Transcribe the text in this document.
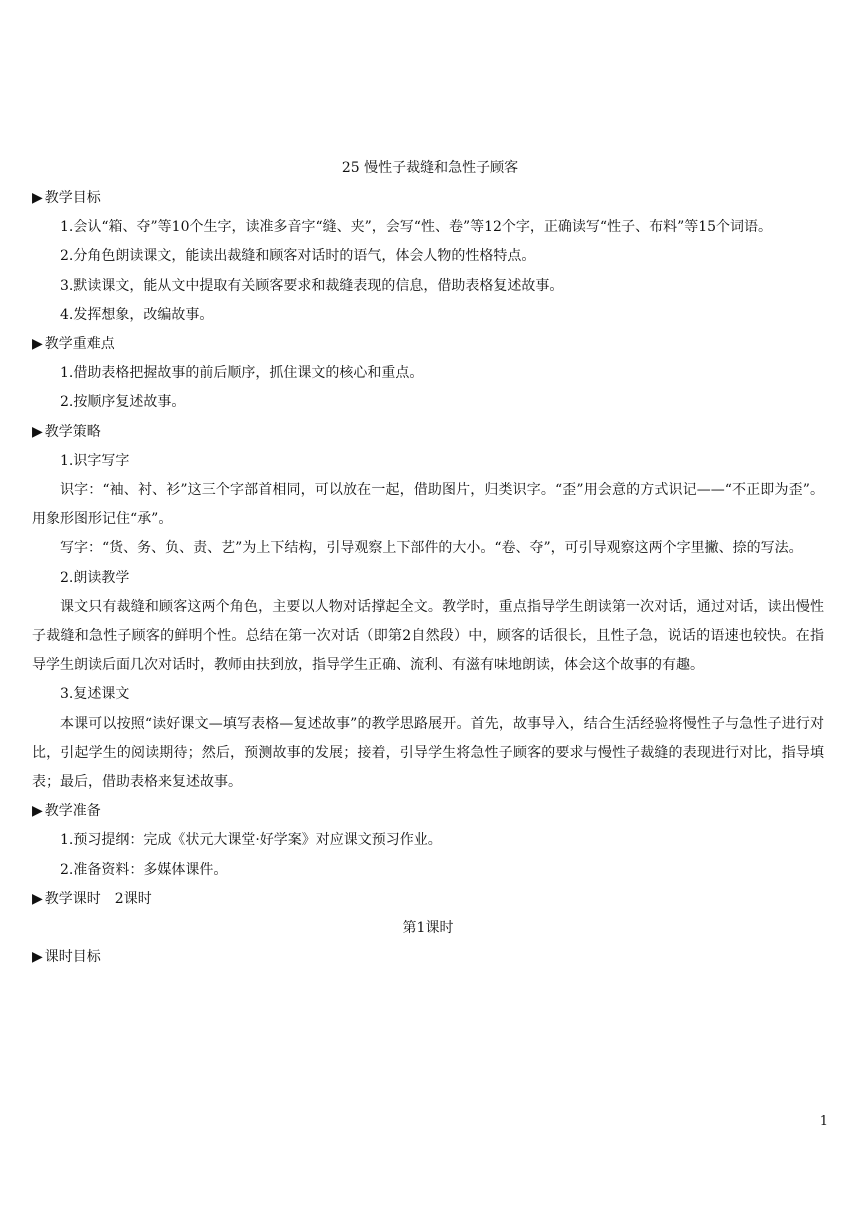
25 慢性子裁缝和急性子顾客
▶ 教学目标
1.会认“箱、夺”等10个生字，读准多音字“缝、夹”，会写“性、卷”等12个字，正确读写“性子、布料”等15个词语。
2.分角色朗读课文，能读出裁缝和顾客对话时的语气，体会人物的性格特点。
3.默读课文，能从文中提取有关顾客要求和裁缝表现的信息，借助表格复述故事。
4.发挥想象，改编故事。
▶ 教学重难点
1.借助表格把握故事的前后顺序，抓住课文的核心和重点。
2.按顺序复述故事。
▶ 教学策略
1.识字写字
识字：“袖、衬、衫”这三个字部首相同，可以放在一起，借助图片，归类识字。“歪”用会意的方式识记——“不正即为歪”。用象形图形记住“承”。
写字：“货、务、负、责、艺”为上下结构，引导观察上下部件的大小。“卷、夺”，可引导观察这两个字里撇、捺的写法。
2.朗读教学
课文只有裁缝和顾客这两个角色，主要以人物对话撑起全文。教学时，重点指导学生朗读第一次对话，通过对话，读出慢性子裁缝和急性子顾客的鲜明个性。总结在第一次对话（即第2自然段）中，顾客的话很长，且性子急，说话的语速也较快。在指导学生朗读后面几次对话时，教师由扶到放，指导学生正确、流利、有滋有味地朗读，体会这个故事的有趣。
3.复述课文
本课可以按照“读好课文—填写表格—复述故事”的教学思路展开。首先，故事导入，结合生活经验将慢性子与急性子进行对比，引起学生的阅读期待；然后，预测故事的发展；接着，引导学生将急性子顾客的要求与慢性子裁缝的表现进行对比，指导填表；最后，借助表格来复述故事。
▶ 教学准备
1.预习提纲：完成《状元大课堂·好学案》对应课文预习作业。
2.准备资料：多媒体课件。
▶ 教学课时 2课时
第1课时
▶ 课时目标
1
